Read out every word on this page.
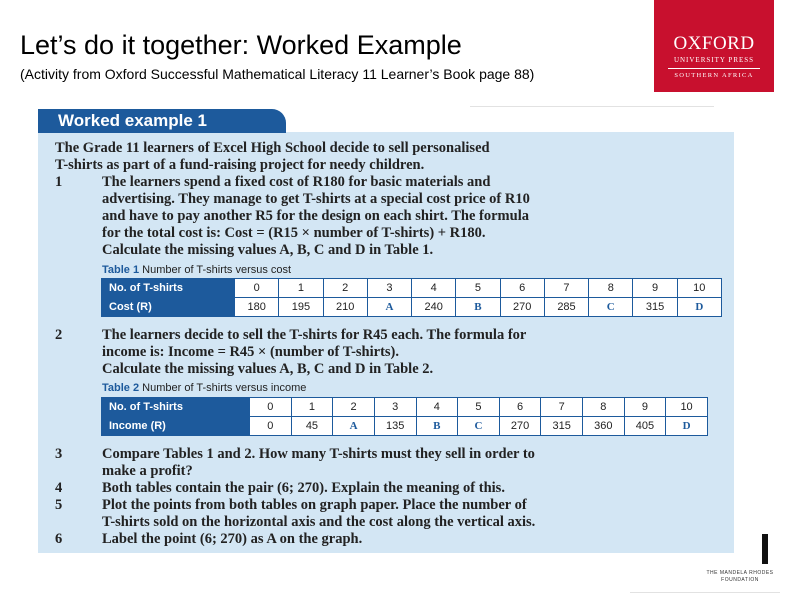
Let’s do it together: Worked Example
(Activity from Oxford Successful Mathematical Literacy 11 Learner’s Book page 88)
OXFORD
UNIVERSITY PRESS
SOUTHERN AFRICA
Worked example 1
The Grade 11 learners of Excel High School decide to sell personalised
T-shirts as part of a fund-raising project for needy children.
1	The learners spend a fixed cost of R180 for basic materials and
advertising. They manage to get T-shirts at a special cost price of R10
and have to pay another R5 for the design on each shirt. The formula
for the total cost is: Cost = (R15 × number of T-shirts) + R180.
Calculate the missing values A, B, C and D in Table 1.
Table 1 Number of T-shirts versus cost
No. of T-shirts	0	1	2	3	4	5	6	7	8	9	10
Cost (R)	180	195	210	A	240	B	270	285	C	315	D
2	The learners decide to sell the T-shirts for R45 each. The formula for
income is: Income = R45 × (number of T-shirts).
Calculate the missing values A, B, C and D in Table 2.
Table 2 Number of T-shirts versus income
No. of T-shirts	0	1	2	3	4	5	6	7	8	9	10
Income (R)	0	45	A	135	B	C	270	315	360	405	D
3	Compare Tables 1 and 2. How many T-shirts must they sell in order to
make a profit?
4	Both tables contain the pair (6; 270). Explain the meaning of this.
5	Plot the points from both tables on graph paper. Place the number of
T-shirts sold on the horizontal axis and the cost along the vertical axis.
6	Label the point (6; 270) as A on the graph.
THE MANDELA RHODES
FOUNDATION
